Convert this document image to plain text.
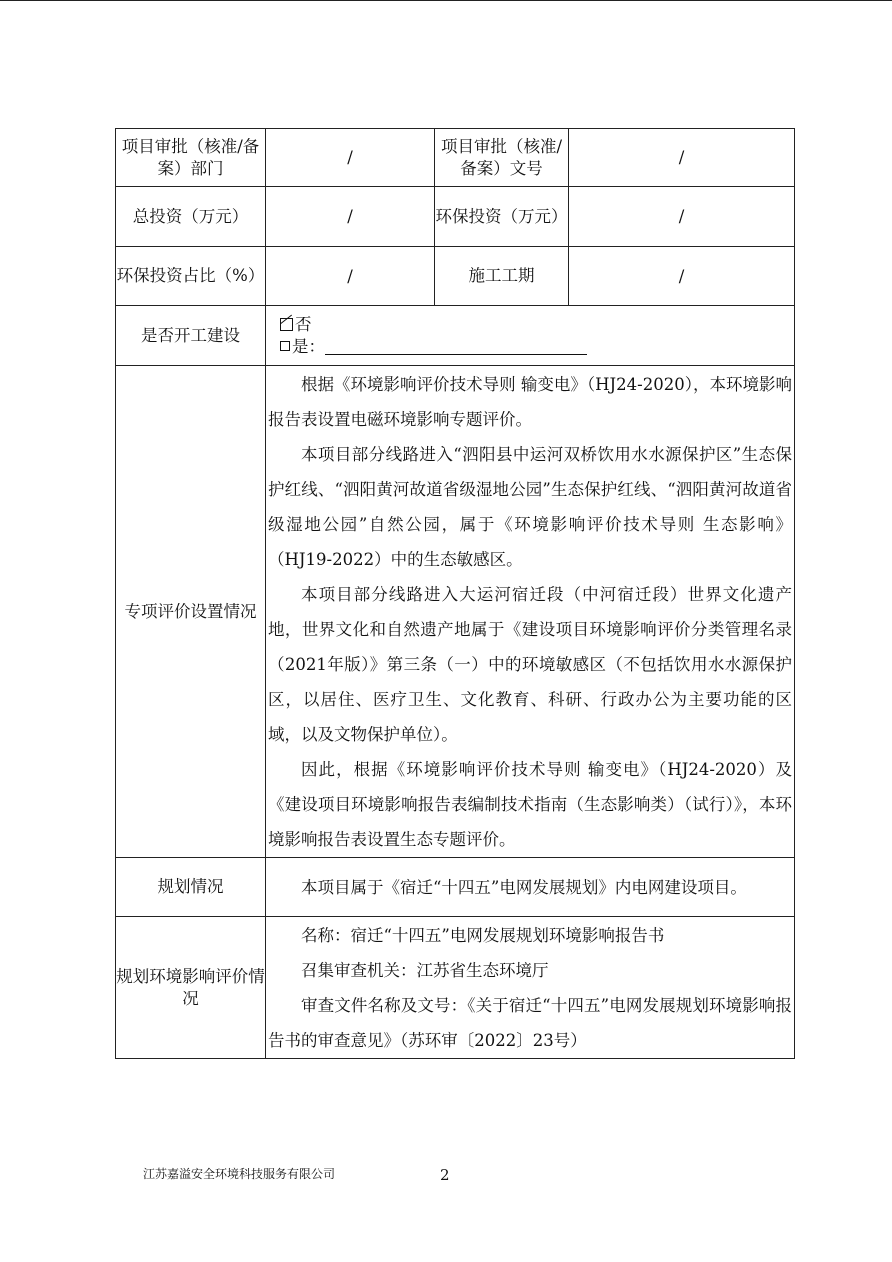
项目审批（核准/备案）部门	/	项目审批（核准/备案）文号	/
总投资（万元）	/	环保投资（万元）	/
环保投资占比（%）	/	施工工期	/
是否开工建设	否
是：		

专项评价设置情况	根据《环境影响评价技术导则 输变电》（HJ24-2020），本环境影响报告表设置电磁环境影响专题评价。
本项目部分线路进入“泗阳县中运河双桥饮用水水源保护区”生态保护红线、“泗阳黄河故道省级湿地公园”生态保护红线、“泗阳黄河故道省级湿地公园”自然公园，属于《环境影响评价技术导则 生态影响》（HJ19-2022）中的生态敏感区。
本项目部分线路进入大运河宿迁段（中河宿迁段）世界文化遗产地，世界文化和自然遗产地属于《建设项目环境影响评价分类管理名录（2021年版）》第三条（一）中的环境敏感区（不包括饮用水水源保护区，以居住、医疗卫生、文化教育、科研、行政办公为主要功能的区域，以及文物保护单位）。
因此，根据《环境影响评价技术导则 输变电》（HJ24-2020）及《建设项目环境影响报告表编制技术指南（生态影响类）（试行）》，本环境影响报告表设置生态专题评价。		

规划情况	本项目属于《宿迁“十四五”电网发展规划》内电网建设项目。		

规划环境影响评价情况	名称：宿迁“十四五”电网发展规划环境影响报告书
召集审查机关：江苏省生态环境厅
审查文件名称及文号：《关于宿迁“十四五”电网发展规划环境影响报告书的审查意见》（苏环审〔2022〕23号）		
江苏嘉溢安全环境科技服务有限公司	2
